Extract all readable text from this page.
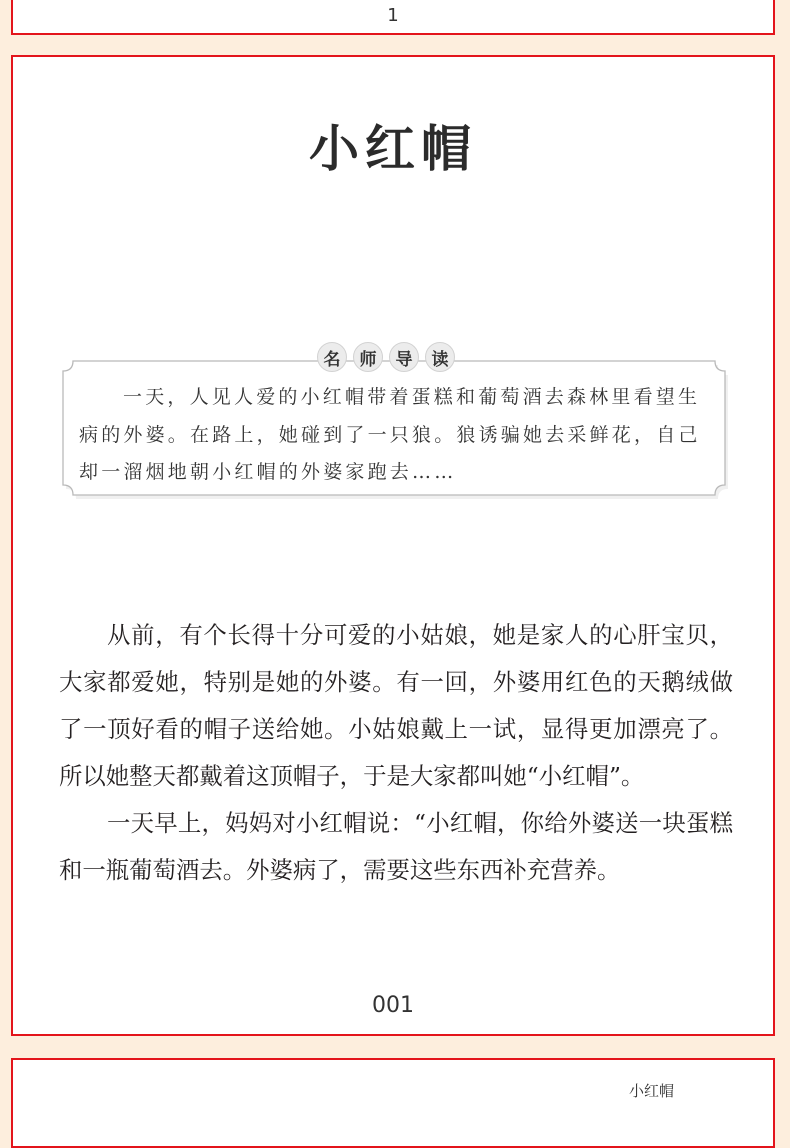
1
小红帽
名	师	导	读
一天，人见人爱的小红帽带着蛋糕和葡萄酒去森林里看望生病的外婆。在路上，她碰到了一只狼。狼诱骗她去采鲜花，自己却一溜烟地朝小红帽的外婆家跑去……

从前，有个长得十分可爱的小姑娘，她是家人的心肝宝贝，大家都爱她，特别是她的外婆。有一回，外婆用红色的天鹅绒做了一顶好看的帽子送给她。小姑娘戴上一试，显得更加漂亮了。所以她整天都戴着这顶帽子，于是大家都叫她“小红帽”。

一天早上，妈妈对小红帽说：“小红帽，你给外婆送一块蛋糕和一瓶葡萄酒去。外婆病了，需要这些东西补充营养。

001
小红帽
